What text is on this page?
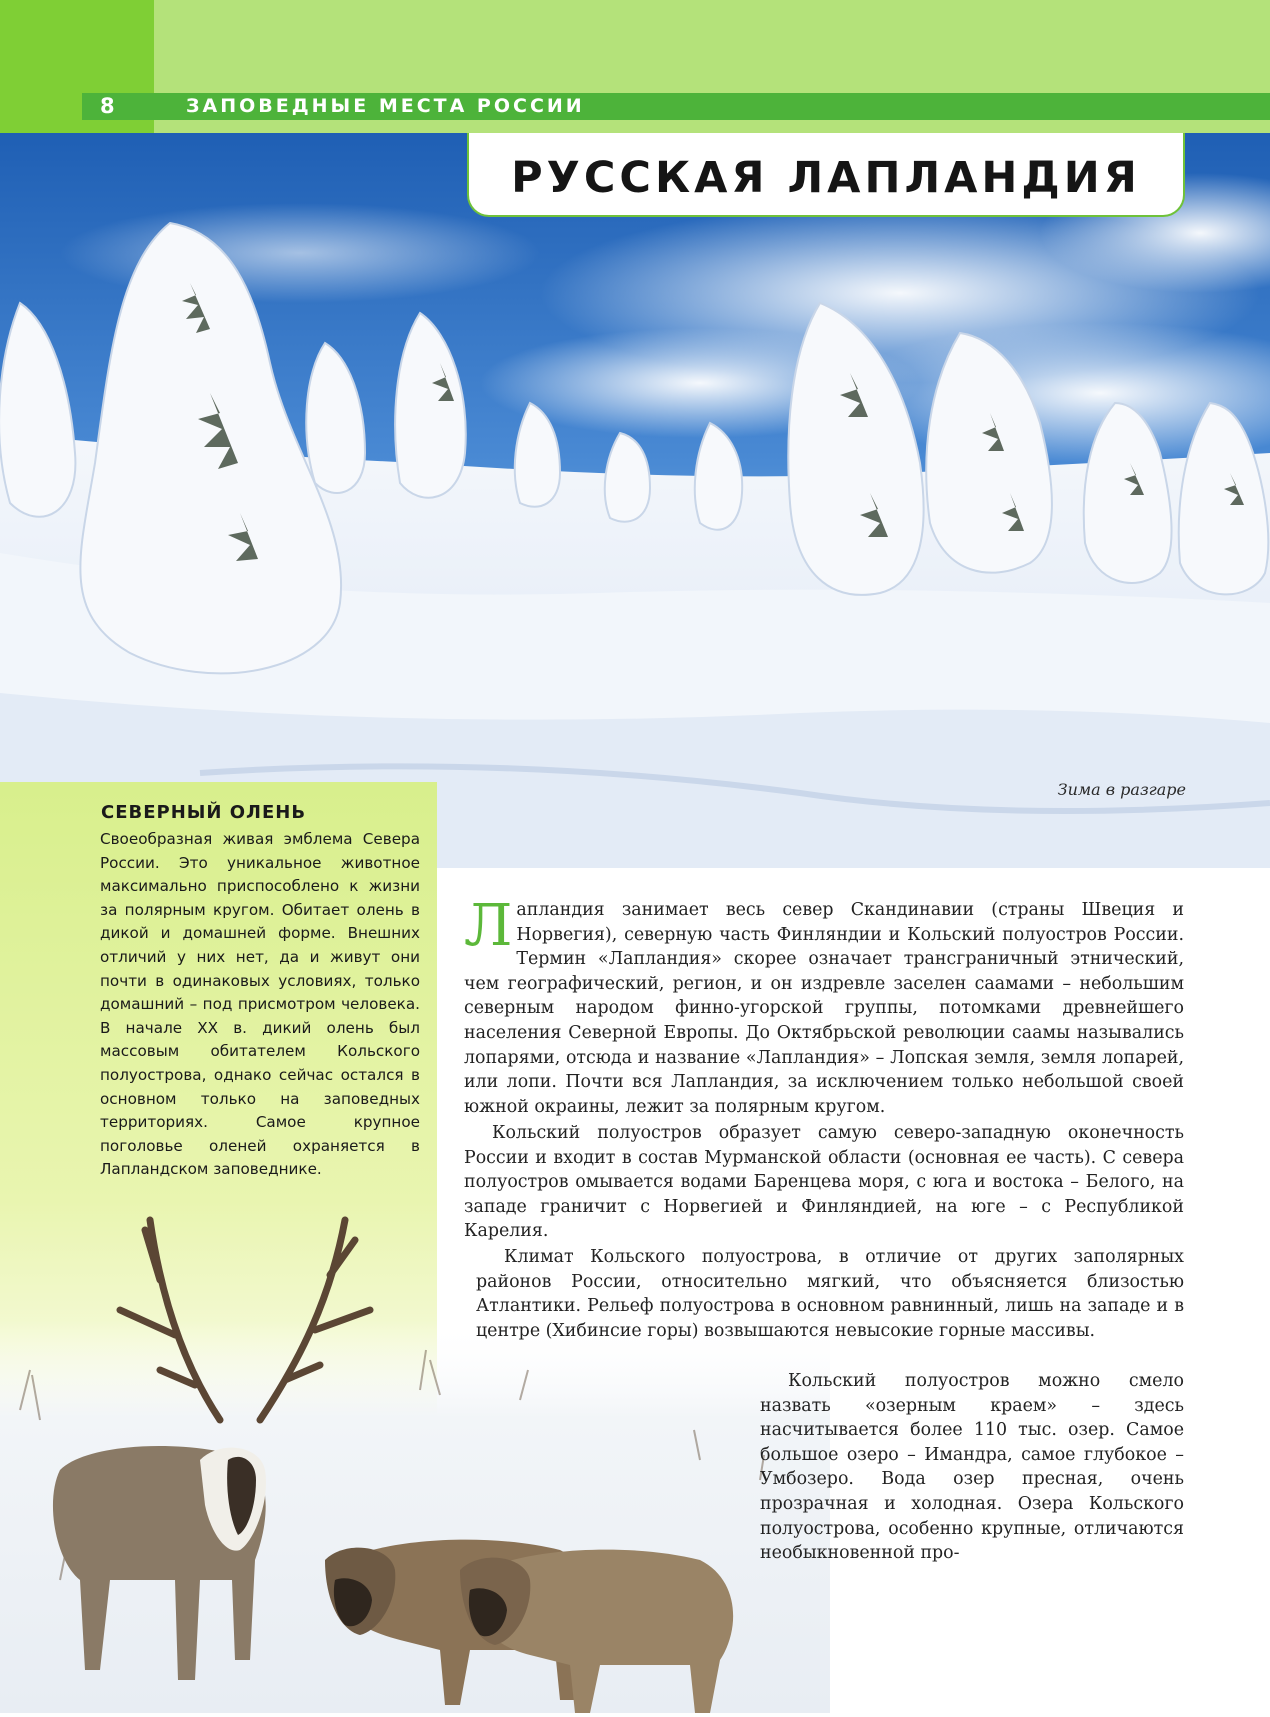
8	ЗАПОВЕДНЫЕ МЕСТА РОССИИ
РУССКАЯ ЛАПЛАНДИЯ
Зима в разгаре
СЕВЕРНЫЙ ОЛЕНЬ
Своеобразная живая эмблема Севера России. Это уникальное животное максимально приспособлено к жизни за полярным кругом. Обитает олень в дикой и домашней форме. Внешних отличий у них нет, да и живут они почти в одинаковых условиях, только домашний – под присмотром человека. В начале XX в. дикий олень был массовым обитателем Кольского полуострова, однако сейчас остался в основном только на заповедных территориях. Самое крупное поголовье оленей охраняется в Лапландском заповеднике.
Лапландия занимает весь север Скандинавии (страны Швеция и Норвегия), северную часть Финляндии и Кольский полуостров России. Термин «Лапландия» скорее означает трансграничный этнический, чем географический, регион, и он издревле заселен саамами – небольшим северным народом финно-угорской группы, потомками древнейшего населения Северной Европы. До Октябрьской революции саамы назывались лопарями, отсюда и название «Лапландия» – Лопская земля, земля лопарей, или лопи. Почти вся Лапландия, за исключением только небольшой своей южной окраины, лежит за полярным кругом.
Кольский полуостров образует самую северо-западную оконечность России и входит в состав Мурманской области (основная ее часть). С севера полуостров омывается водами Баренцева моря, с юга и востока – Белого, на западе граничит с Норвегией и Финляндией, на юге – с Республикой Карелия.
Климат Кольского полуострова, в отличие от других заполярных районов России, относительно мягкий, что объясняется близостью Атлантики. Рельеф полуострова в основном равнинный, лишь на западе и в центре (Хибинсие горы) возвышаются невысокие горные массивы.
Кольский полуостров можно смело назвать «озерным краем» – здесь насчитывается более 110 тыс. озер. Самое большое озеро – Имандра, самое глубокое – Умбозеро. Вода озер пресная, очень прозрачная и холодная. Озера Кольского полуострова, особенно крупные, отличаются необыкновенной про-
